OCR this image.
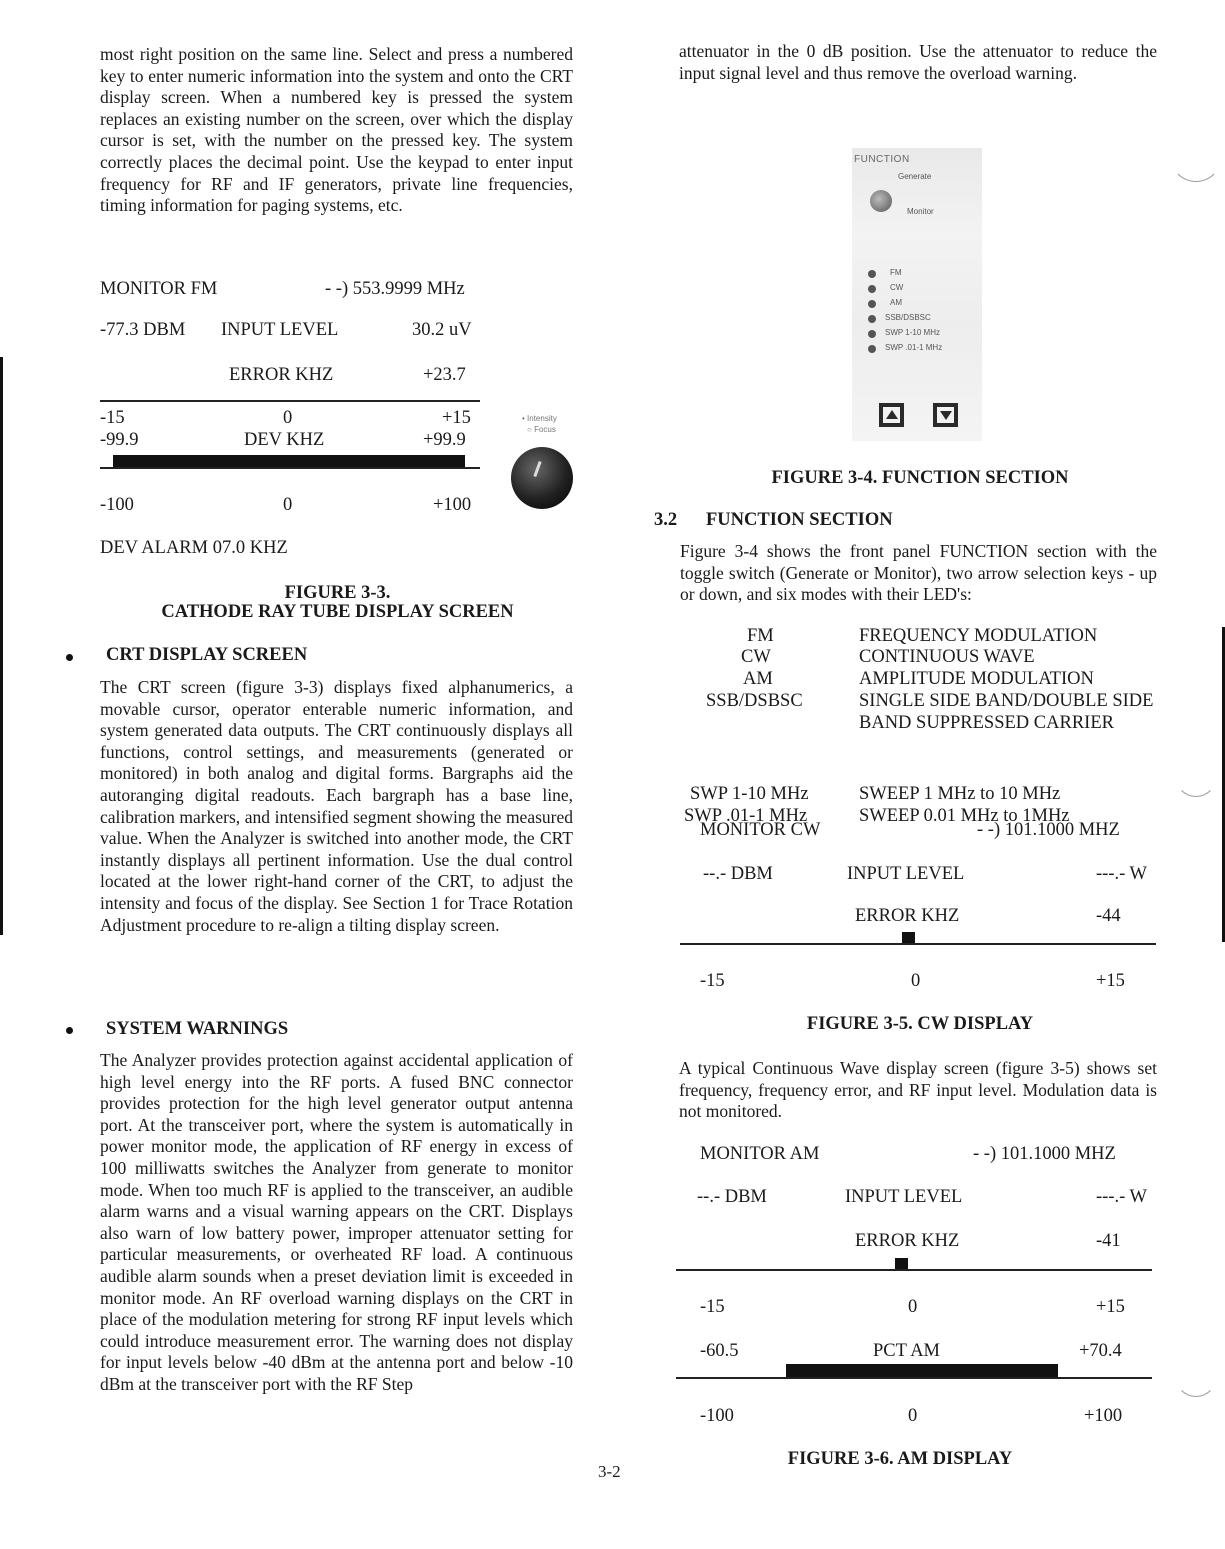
most right position on the same line. Select and press a numbered key to enter numeric information into the system and onto the CRT display screen. When a numbered key is pressed the system replaces an existing number on the screen, over which the display cursor is set, with the number on the pressed key. The system correctly places the decimal point. Use the keypad to enter input frequency for RF and IF generators, private line frequencies, timing information for paging systems, etc.
MONITOR FM	- -) 553.9999 MHz
-77.3 DBM INPUT LEVEL	30.2 uV
ERROR KHZ	+23.7
-15	0	+15
-99.9	DEV KHZ	+99.9
-100	0	+100
DEV ALARM 07.0 KHZ
• Intensity
○ Focus
FIGURE 3-3.
CATHODE RAY TUBE DISPLAY SCREEN
CRT DISPLAY SCREEN
The CRT screen (figure 3-3) displays fixed alphanumerics, a movable cursor, operator enterable numeric information, and system generated data outputs. The CRT continuously displays all functions, control settings, and measurements (generated or monitored) in both analog and digital forms. Bargraphs aid the autoranging digital readouts. Each bargraph has a base line, calibration markers, and intensified segment showing the measured value. When the Analyzer is switched into another mode, the CRT instantly displays all pertinent information. Use the dual control located at the lower right-hand corner of the CRT, to adjust the intensity and focus of the display. See Section 1 for Trace Rotation Adjustment procedure to re-align a tilting display screen.
SYSTEM WARNINGS
The Analyzer provides protection against accidental application of high level energy into the RF ports. A fused BNC connector provides protection for the high level generator output antenna port. At the transceiver port, where the system is automatically in power monitor mode, the application of RF energy in excess of 100 milliwatts switches the Analyzer from generate to monitor mode. When too much RF is applied to the transceiver, an audible alarm warns and a visual warning appears on the CRT. Displays also warn of low battery power, improper attenuator setting for particular measurements, or overheated RF load. A continuous audible alarm sounds when a preset deviation limit is exceeded in monitor mode. An RF overload warning displays on the CRT in place of the modulation metering for strong RF input levels which could introduce measurement error. The warning does not display for input levels below -40 dBm at the antenna port and below -10 dBm at the transceiver port with the RF Step
3-2
attenuator in the 0 dB position. Use the attenuator to reduce the input signal level and thus remove the overload warning.
FUNCTION
Generate
Monitor
FM
CW
AM
SSB/DSBSC
SWP 1-10 MHz
SWP .01-1 MHz
FIGURE 3-4. FUNCTION SECTION
3.2 FUNCTION SECTION
Figure 3-4 shows the front panel FUNCTION section with the toggle switch (Generate or Monitor), two arrow selection keys - up or down, and six modes with their LED's:
FM	FREQUENCY MODULATION
CW	CONTINUOUS WAVE
AM	AMPLITUDE MODULATION
SSB/DSBSC	SINGLE SIDE BAND/DOUBLE SIDE BAND SUPPRESSED CARRIER
SWP 1-10 MHz	SWEEP 1 MHz to 10 MHz
SWP .01-1 MHz	SWEEP 0.01 MHz to 1MHz
MONITOR CW	- -) 101.1000 MHZ
--.- DBM	INPUT LEVEL	---.- W
ERROR KHZ	-44
-15	0	+15
FIGURE 3-5. CW DISPLAY
A typical Continuous Wave display screen (figure 3-5) shows set frequency, frequency error, and RF input level. Modulation data is not monitored.
MONITOR AM	- -) 101.1000 MHZ
--.- DBM	INPUT LEVEL	---.- W
ERROR KHZ	-41
-15	0	+15
-60.5	PCT AM	+70.4
-100	0	+100
FIGURE 3-6. AM DISPLAY
